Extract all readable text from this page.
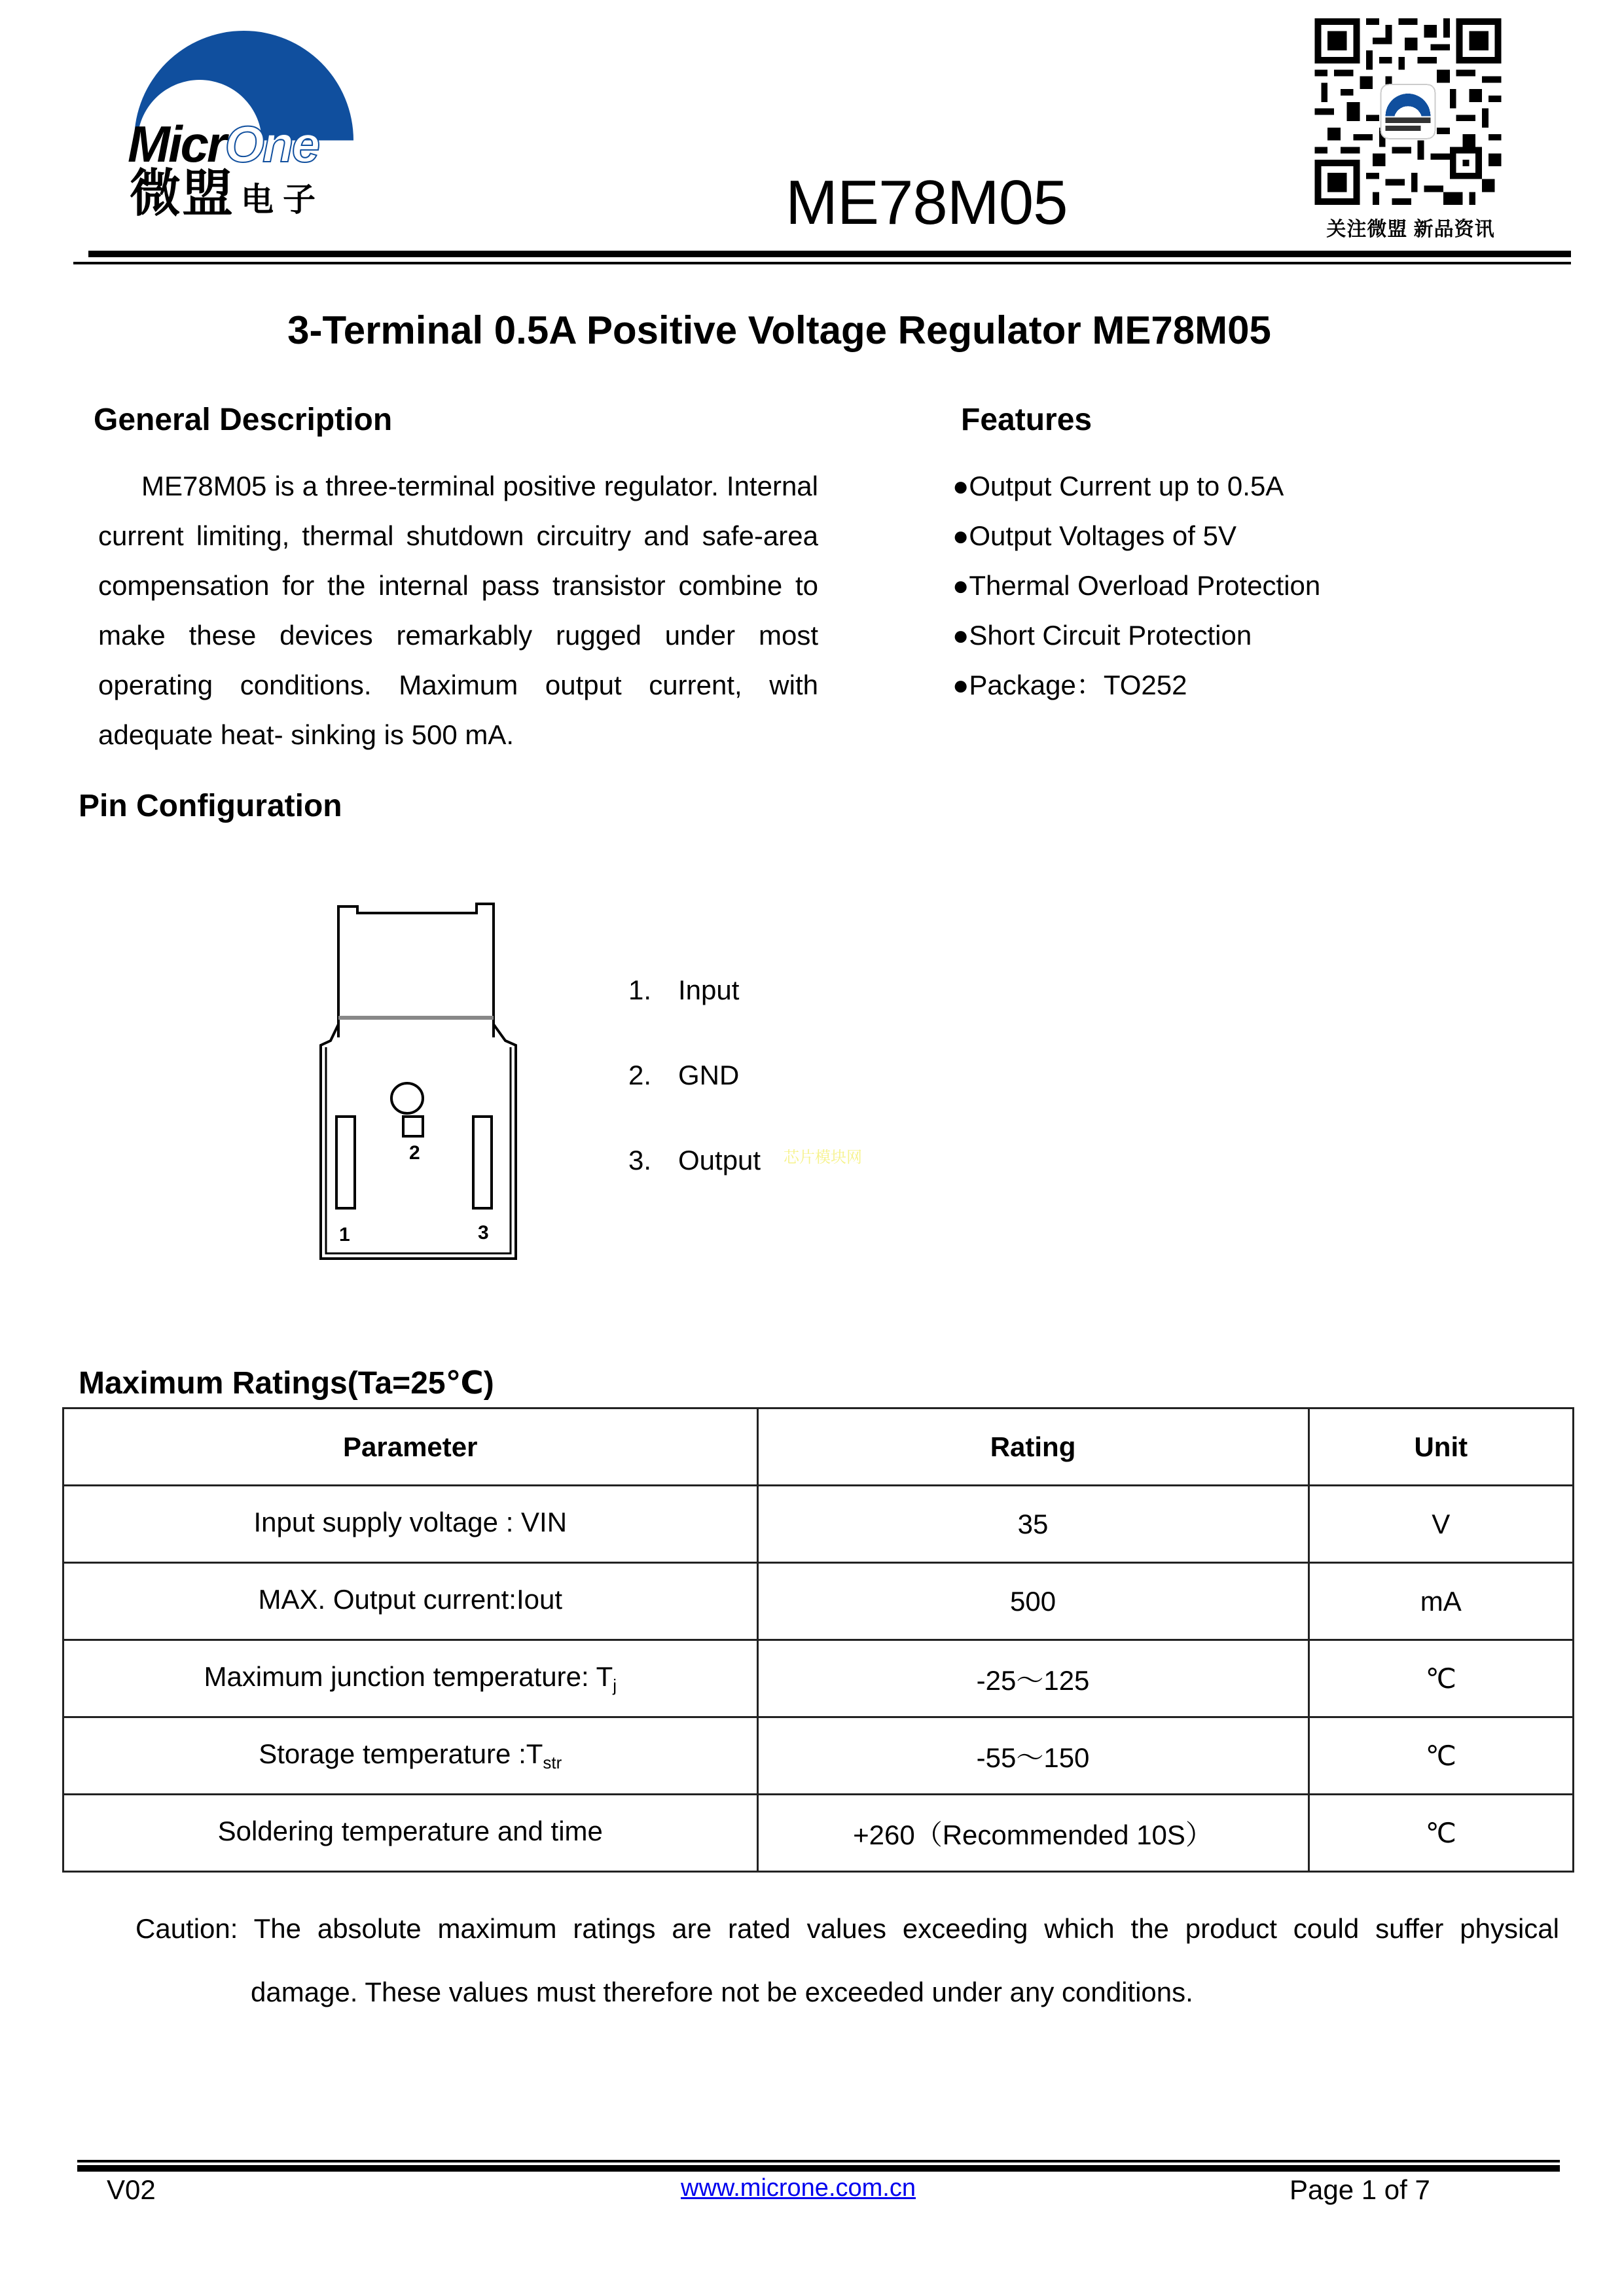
MicrOne
微盟 电子	ME78M05	关注微盟 新品资讯
3-Terminal 0.5A Positive Voltage Regulator ME78M05
General Description

ME78M05 is a three-terminal positive regulator. Internal current limiting, thermal shutdown circuitry and safe-area compensation for the internal pass transistor combine to make these devices remarkably rugged under most operating conditions. Maximum output current, with adequate heat- sinking is 500 mA.

Features
●Output Current up to 0.5A
●Output Voltages of 5V
●Thermal Overload Protection
●Short Circuit Protection
●Package：TO252
Pin Configuration
2
1	3
1. Input
2. GND
3. Output 芯片模块网
Maximum Ratings(Ta=25℃)
Parameter	Rating	Unit
Input supply voltage : VIN	35	V
MAX. Output current:Iout	500	mA
Maximum junction temperature: $T_j$	-25～125	℃
Storage temperature $:T_{str}$	-55～150	℃
Soldering temperature and time	+260（Recommended 10S）	℃
Caution: The absolute maximum ratings are rated values exceeding which the product could suffer physical
damage. These values must therefore not be exceeded under any conditions.
V02	www.microne.com.cn	Page 1 of 7
